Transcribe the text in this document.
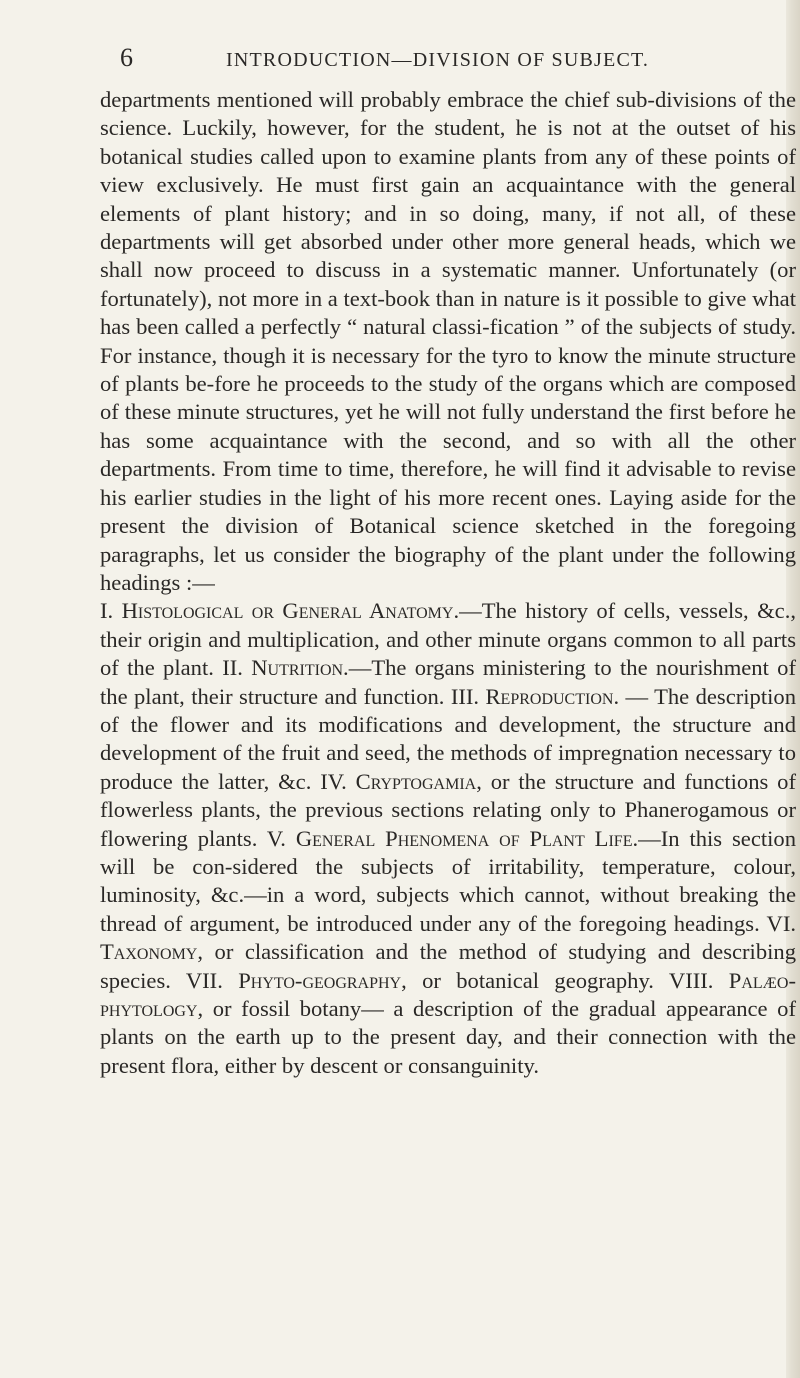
6	INTRODUCTION—DIVISION OF SUBJECT.

departments mentioned will probably embrace the chief sub-divisions of the science. Luckily, however, for the student, he is not at the outset of his botanical studies called upon to examine plants from any of these points of view exclusively. He must first gain an acquaintance with the general elements of plant history; and in so doing, many, if not all, of these departments will get absorbed under other more general heads, which we shall now proceed to discuss in a systematic manner. Unfortunately (or fortunately), not more in a text-book than in nature is it possible to give what has been called a perfectly “ natural classi-fication ” of the subjects of study. For instance, though it is necessary for the tyro to know the minute structure of plants be-fore he proceeds to the study of the organs which are composed of these minute structures, yet he will not fully understand the first before he has some acquaintance with the second, and so with all the other departments. From time to time, therefore, he will find it advisable to revise his earlier studies in the light of his more recent ones. Laying aside for the present the division of Botanical science sketched in the foregoing paragraphs, let us consider the biography of the plant under the following headings :—

I. Histological or General Anatomy.—The history of cells, vessels, &c., their origin and multiplication, and other minute organs common to all parts of the plant. II. Nutrition.—The organs ministering to the nourishment of the plant, their structure and function. III. Reproduction. — The description of the flower and its modifications and development, the structure and development of the fruit and seed, the methods of impregnation necessary to produce the latter, &c. IV. Cryptogamia, or the structure and functions of flowerless plants, the previous sections relating only to Phanerogamous or flowering plants. V. General Phenomena of Plant Life.—In this section will be con-sidered the subjects of irritability, temperature, colour, luminosity, &c.—in a word, subjects which cannot, without breaking the thread of argument, be introduced under any of the foregoing headings. VI. Taxonomy, or classification and the method of studying and describing species. VII. Phyto-geography, or botanical geography. VIII. Palæo-phytology, or fossil botany— a description of the gradual appearance of plants on the earth up to the present day, and their connection with the present flora, either by descent or consanguinity.
